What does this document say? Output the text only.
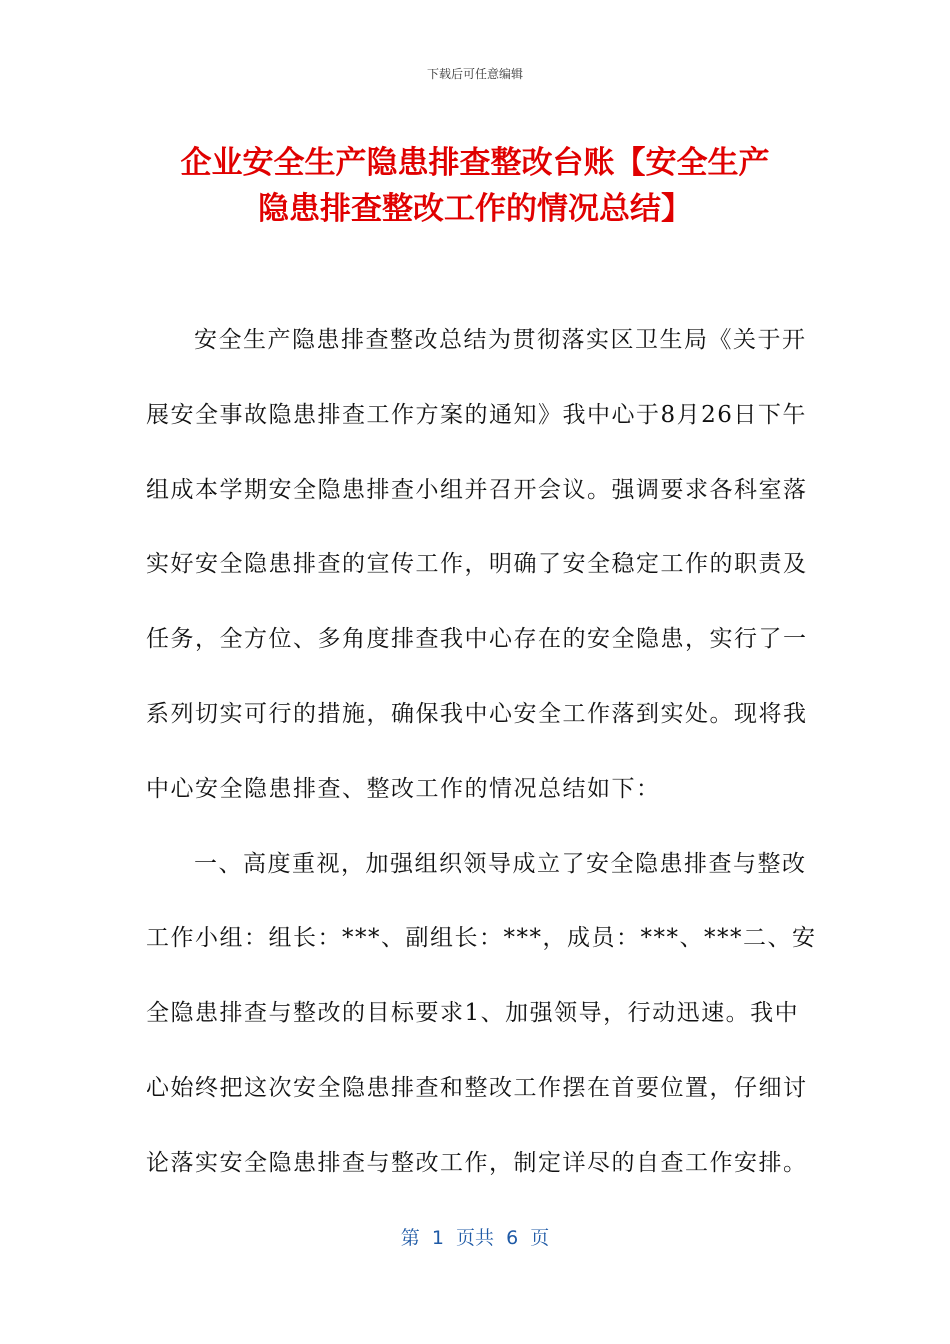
下载后可任意编辑
企业安全生产隐患排查整改台账【安全生产
隐患排查整改工作的情况总结】
安全生产隐患排查整改总结为贯彻落实区卫生局《关于开
展安全事故隐患排查工作方案的通知》我中心于8月26日下午
组成本学期安全隐患排查小组并召开会议。强调要求各科室落
实好安全隐患排查的宣传工作，明确了安全稳定工作的职责及
任务，全方位、多角度排查我中心存在的安全隐患，实行了一
系列切实可行的措施，确保我中心安全工作落到实处。现将我
中心安全隐患排查、整改工作的情况总结如下：
一、高度重视，加强组织领导成立了安全隐患排查与整改
工作小组：组长：***、副组长：***，成员：***、***二、安
全隐患排查与整改的目标要求1、加强领导，行动迅速。我中
心始终把这次安全隐患排查和整改工作摆在首要位置，仔细讨
论落实安全隐患排查与整改工作，制定详尽的自查工作安排。
第  1  页共  6  页
